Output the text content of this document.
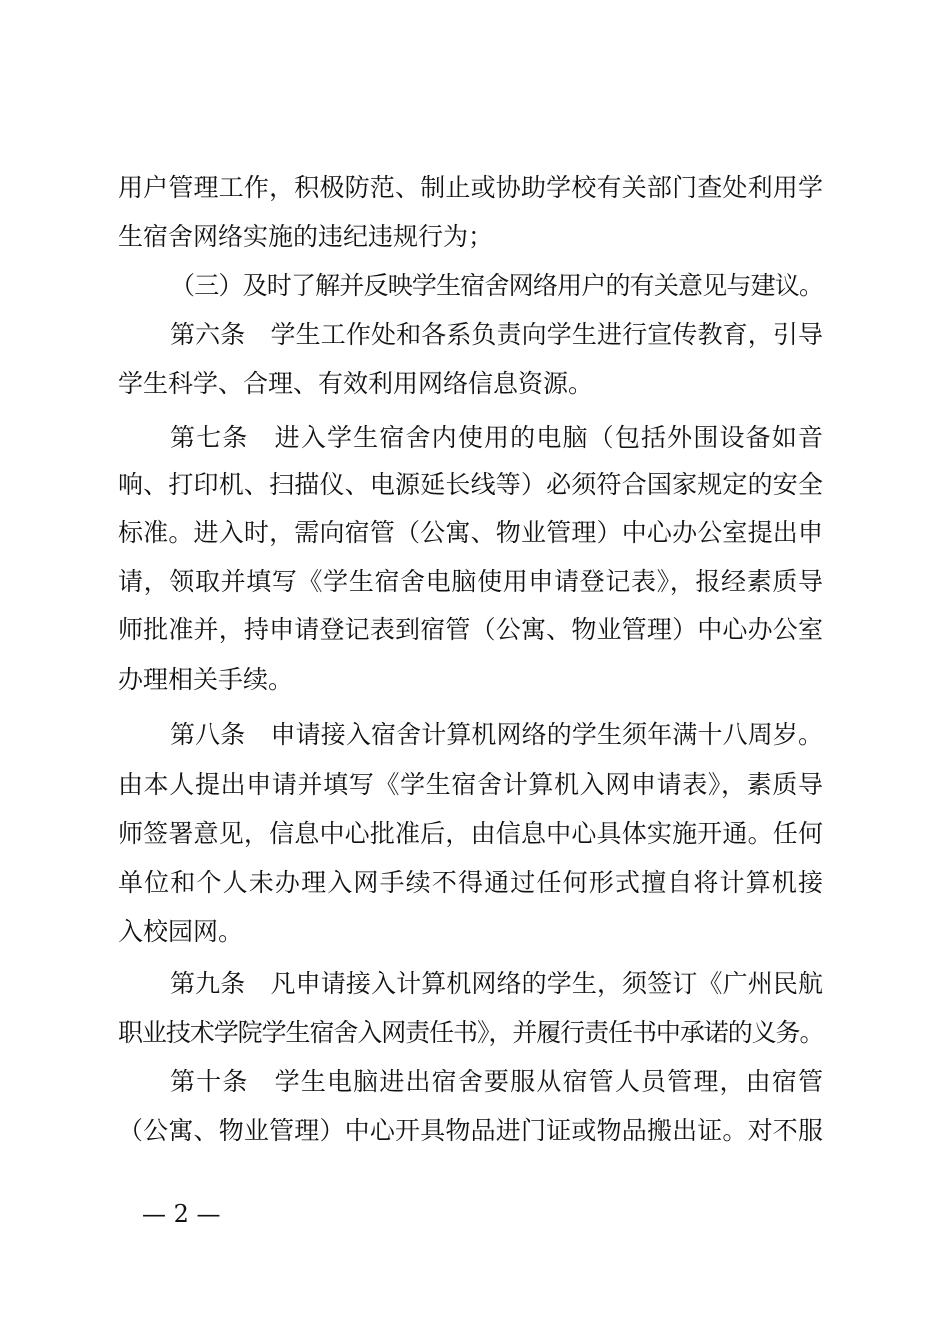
用户管理工作，积极防范、制止或协助学校有关部门查处利用学
生宿舍网络实施的违纪违规行为；
（三）及时了解并反映学生宿舍网络用户的有关意见与建议。
第六条　学生工作处和各系负责向学生进行宣传教育，引导
学生科学、合理、有效利用网络信息资源。
第七条　进入学生宿舍内使用的电脑（包括外围设备如音
响、打印机、扫描仪、电源延长线等）必须符合国家规定的安全
标准。进入时，需向宿管（公寓、物业管理）中心办公室提出申
请，领取并填写《学生宿舍电脑使用申请登记表》，报经素质导
师批准并，持申请登记表到宿管（公寓、物业管理）中心办公室
办理相关手续。
第八条　申请接入宿舍计算机网络的学生须年满十八周岁。
由本人提出申请并填写《学生宿舍计算机入网申请表》，素质导
师签署意见，信息中心批准后，由信息中心具体实施开通。任何
单位和个人未办理入网手续不得通过任何形式擅自将计算机接
入校园网。
第九条　凡申请接入计算机网络的学生，须签订《广州民航
职业技术学院学生宿舍入网责任书》，并履行责任书中承诺的义务。
第十条　学生电脑进出宿舍要服从宿管人员管理，由宿管
（公寓、物业管理）中心开具物品进门证或物品搬出证。对不服
— 2 —
